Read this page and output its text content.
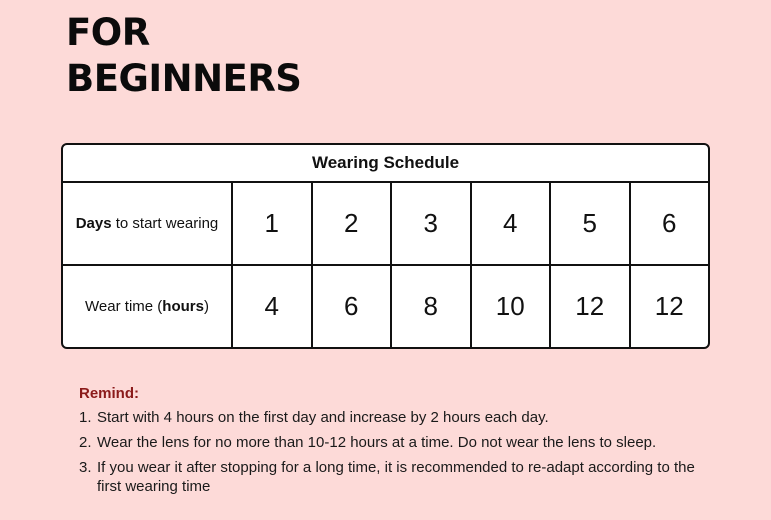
FOR
BEGINNERS
Wearing Schedule
Days to start wearing	1	2	3	4	5	6
Wear time (hours)	4	6	8	10	12	12
Remind:
1. Start with 4 hours on the first day and increase by 2 hours each day.
2. Wear the lens for no more than 10-12 hours at a time. Do not wear the lens to sleep.
3. If you wear it after stopping for a long time, it is recommended to re-adapt according to the first wearing time
